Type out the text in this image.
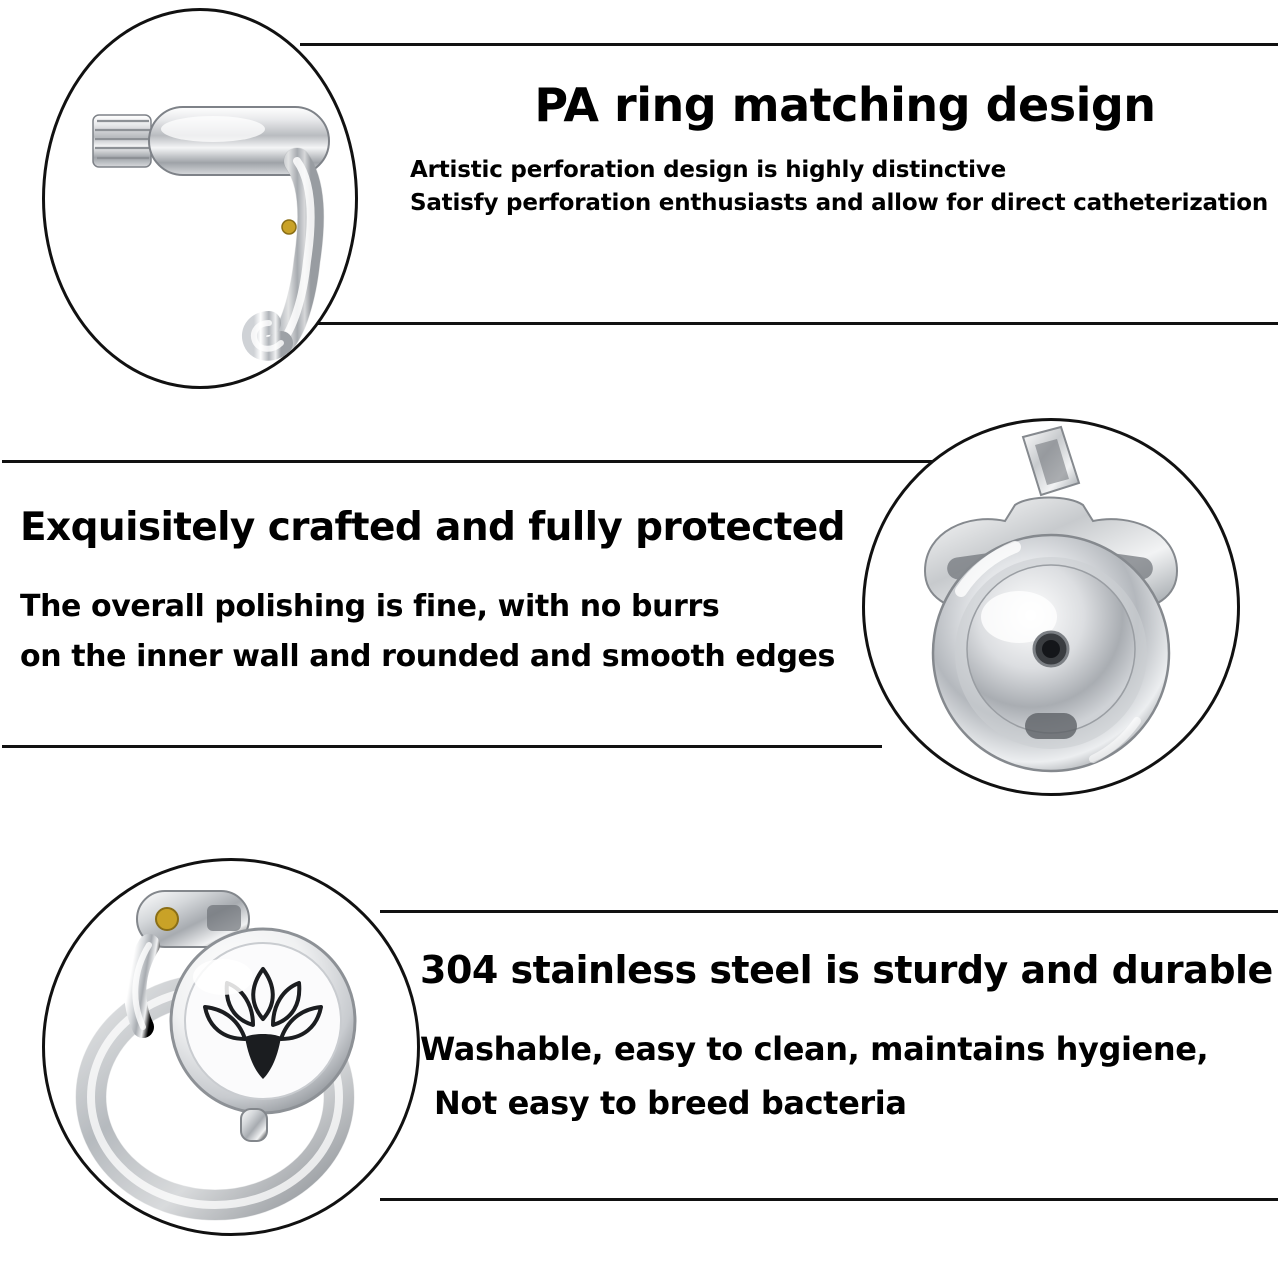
PA ring matching design
Artistic perforation design is highly distinctive
Satisfy perforation enthusiasts and allow for direct catheterization
Exquisitely crafted and fully protected
The overall polishing is fine, with no burrs
on the inner wall and rounded and smooth edges
304 stainless steel is sturdy and durable
Washable, easy to clean, maintains hygiene,
Not easy to breed bacteria
